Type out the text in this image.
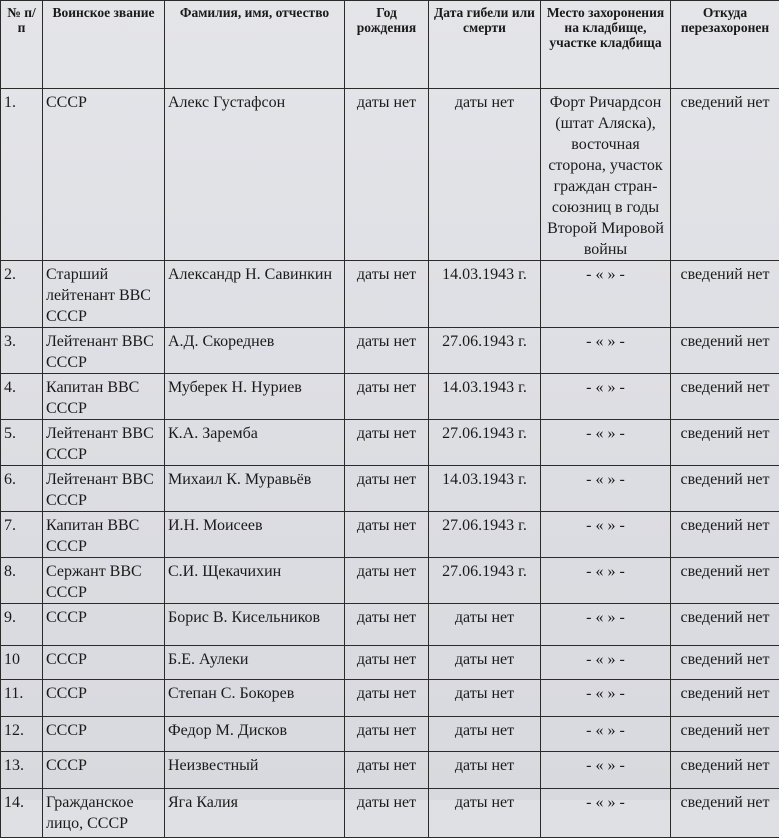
№ п/п	Воинское звание	Фамилия, имя, отчество	Год рождения	Дата гибели или смерти	Место захоронения на кладбище, участке кладбища	Откуда перезахоронен
1.	СССР	Алекс Густафсон	даты нет	даты нет	Форт Ричардсон (штат Аляска), восточная сторона, участок граждан стран-союзниц в годы Второй Мировой войны	сведений нет
2.	Старший лейтенант ВВС СССР	Александр Н. Савинкин	даты нет	14.03.1943 г.	- « » -	сведений нет
3.	Лейтенант ВВС СССР	А.Д. Скореднев	даты нет	27.06.1943 г.	- « » -	сведений нет
4.	Капитан ВВС СССР	Муберек Н. Нуриев	даты нет	14.03.1943 г.	- « » -	сведений нет
5.	Лейтенант ВВС СССР	К.А. Заремба	даты нет	27.06.1943 г.	- « » -	сведений нет
6.	Лейтенант ВВС СССР	Михаил К. Муравьёв	даты нет	14.03.1943 г.	- « » -	сведений нет
7.	Капитан ВВС СССР	И.Н. Моисеев	даты нет	27.06.1943 г.	- « » -	сведений нет
8.	Сержант ВВС СССР	С.И. Щекачихин	даты нет	27.06.1943 г.	- « » -	сведений нет
9.	СССР	Борис В. Кисельников	даты нет	даты нет	- « » -	сведений нет
10	СССР	Б.Е. Аулеки	даты нет	даты нет	- « » -	сведений нет
11.	СССР	Степан С. Бокорев	даты нет	даты нет	- « » -	сведений нет
12.	СССР	Федор М. Дисков	даты нет	даты нет	- « » -	сведений нет
13.	СССР	Неизвестный	даты нет	даты нет	- « » -	сведений нет
14.	Гражданское лицо, СССР	Яга Калия	даты нет	даты нет	- « » -	сведений нет
